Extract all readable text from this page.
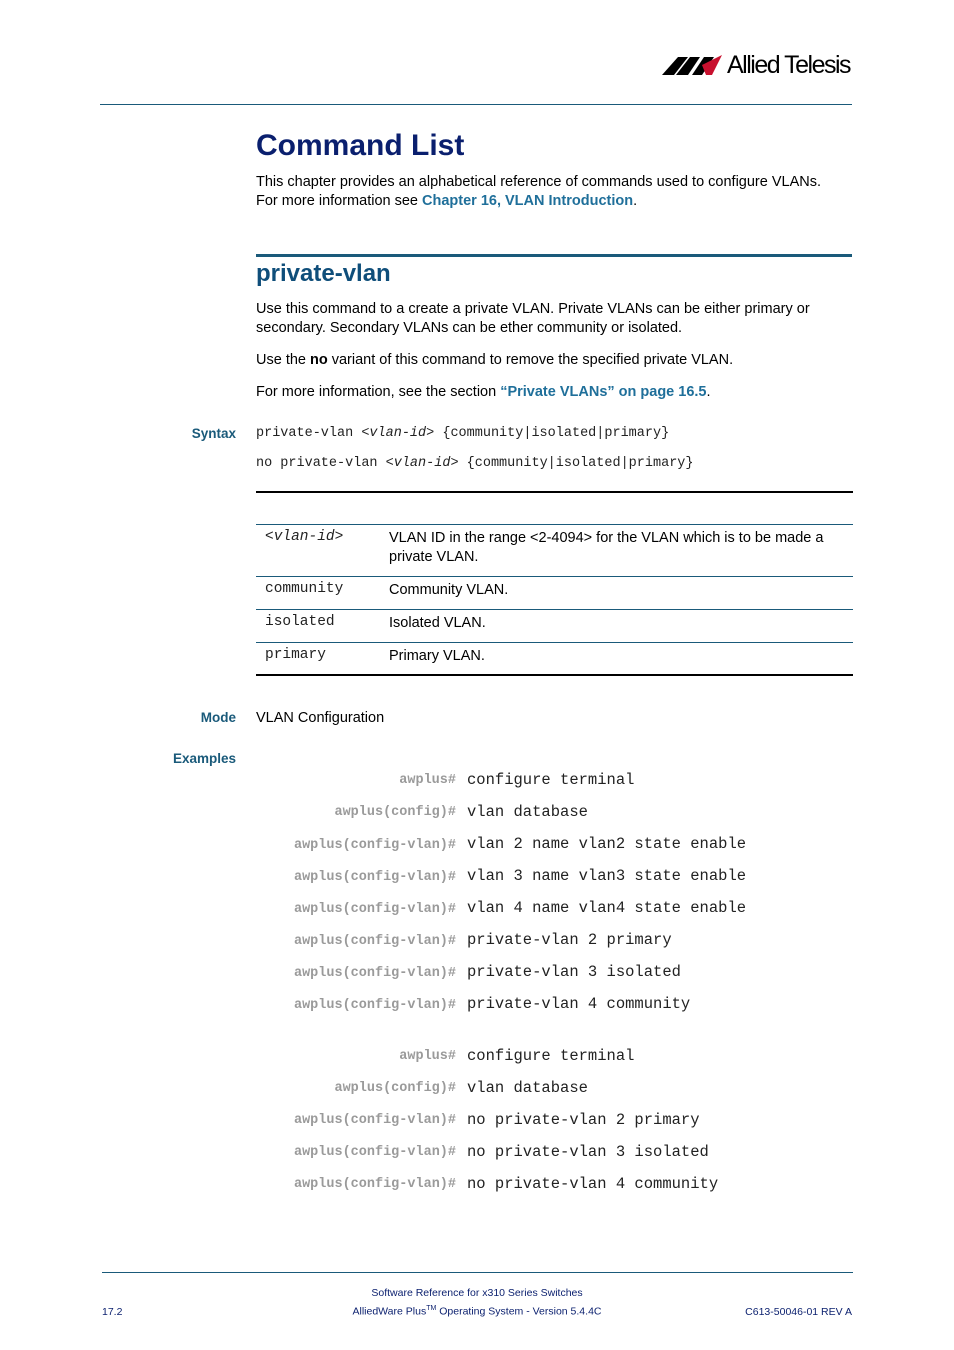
Allied Telesis
Command List
This chapter provides an alphabetical reference of commands used to configure VLANs.
For more information see Chapter 16, VLAN Introduction.
private-vlan
Use this command to a create a private VLAN. Private VLANs can be either primary or
secondary. Secondary VLANs can be ether community or isolated.
Use the no variant of this command to remove the specified private VLAN.
For more information, see the section “Private VLANs” on page 16.5.
Syntax private-vlan <vlan-id> {community|isolated|primary}
no private-vlan <vlan-id> {community|isolated|primary}
<vlan-id>	VLAN ID in the range <2-4094> for the VLAN which is to be made a
private VLAN.
community	Community VLAN.
isolated	Isolated VLAN.
primary	Primary VLAN.
Mode VLAN Configuration
Examples
awplus# configure terminal
awplus(config)# vlan database
awplus(config-vlan)# vlan 2 name vlan2 state enable
awplus(config-vlan)# vlan 3 name vlan3 state enable
awplus(config-vlan)# vlan 4 name vlan4 state enable
awplus(config-vlan)# private-vlan 2 primary
awplus(config-vlan)# private-vlan 3 isolated
awplus(config-vlan)# private-vlan 4 community
awplus# configure terminal
awplus(config)# vlan database
awplus(config-vlan)# no private-vlan 2 primary
awplus(config-vlan)# no private-vlan 3 isolated
awplus(config-vlan)# no private-vlan 4 community
Software Reference for x310 Series Switches
AlliedWare Plus™ Operating System - Version 5.4.4C
17.2	C613-50046-01 REV A
